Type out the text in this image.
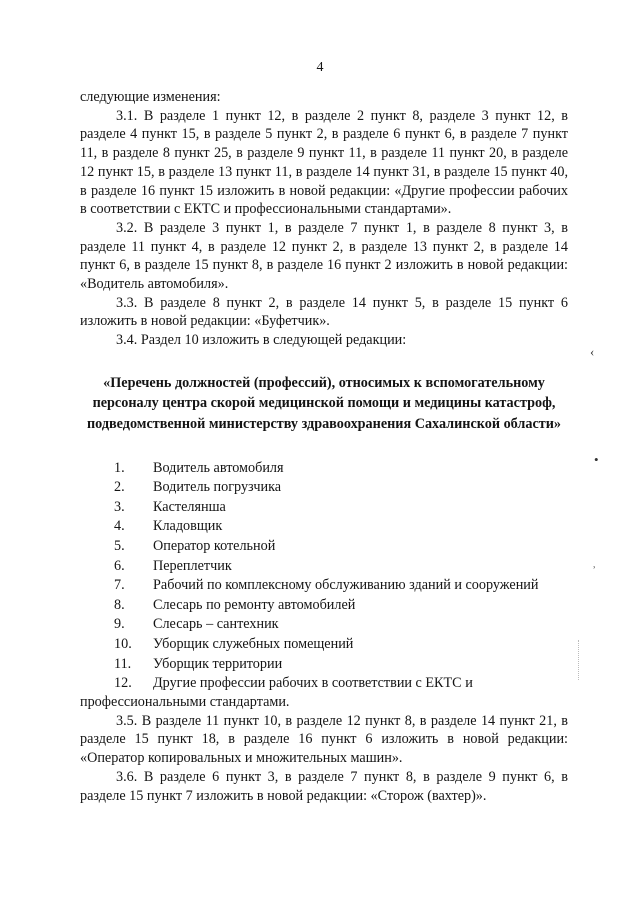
4

следующие изменения:

3.1. В разделе 1 пункт 12, в разделе 2 пункт 8, разделе 3 пункт 12, в разделе 4 пункт 15, в разделе 5 пункт 2, в разделе 6 пункт 6, в разделе 7 пункт 11, в разделе 8 пункт 25, в разделе 9 пункт 11, в разделе 11 пункт 20, в разделе 12 пункт 15, в разделе 13 пункт 11, в разделе 14 пункт 31, в разделе 15 пункт 40, в разделе 16 пункт 15 изложить в новой редакции: «Другие профессии рабочих в соответствии с ЕКТС и профессиональными стандартами».

3.2. В разделе 3 пункт 1, в разделе 7 пункт 1, в разделе 8 пункт 3, в разделе 11 пункт 4, в разделе 12 пункт 2, в разделе 13 пункт 2, в разделе 14 пункт 6, в разделе 15 пункт 8, в разделе 16 пункт 2 изложить в новой редакции: «Водитель автомобиля».

3.3. В разделе 8 пункт 2, в разделе 14 пункт 5, в разделе 15 пункт 6 изложить в новой редакции: «Буфетчик».

3.4. Раздел 10 изложить в следующей редакции:

«Перечень должностей (профессий), относимых к вспомогательному персоналу центра скорой медицинской помощи и медицины катастроф, подведомственной министерству здравоохранения Сахалинской области»

1.	Водитель автомобиля
2.	Водитель погрузчика
3.	Кастелянша
4.	Кладовщик
5.	Оператор котельной
6.	Переплетчик
7.	Рабочий по комплексному обслуживанию зданий и сооружений
8.	Слесарь по ремонту автомобилей
9.	Слесарь – сантехник
10.	Уборщик служебных помещений
11.	Уборщик территории

12. Другие профессии рабочих в соответствии с ЕКТС и

профессиональными стандартами.

3.5. В разделе 11 пункт 10, в разделе 12 пункт 8, в разделе 14 пункт 21, в разделе 15 пункт 18, в разделе 16 пункт 6 изложить в новой редакции: «Оператор копировальных и множительных машин».

3.6. В разделе 6 пункт 3, в разделе 7 пункт 8, в разделе 9 пункт 6, в разделе 15 пункт 7 изложить в новой редакции: «Сторож (вахтер)».

‹
•
ʾ
